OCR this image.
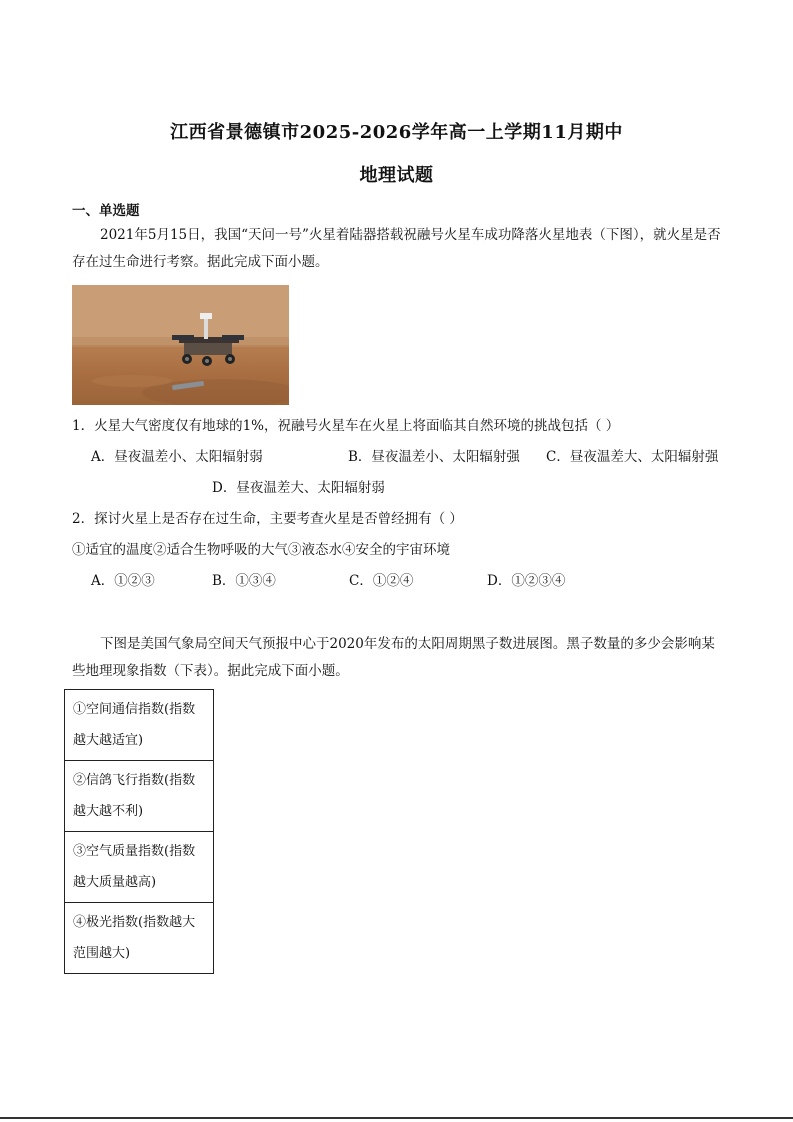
江西省景德镇市2025-2026学年高一上学期11月期中
地理试题
一、单选题
2021年5月15日，我国“天问一号”火星着陆器搭载祝融号火星车成功降落火星地表（下图），就火星是否存在过生命进行考察。据此完成下面小题。
1．火星大气密度仅有地球的1%，祝融号火星车在火星上将面临其自然环境的挑战包括（ ）
A．昼夜温差小、太阳辐射弱	B．昼夜温差小、太阳辐射强 C．昼夜温差大、太阳辐射强
D．昼夜温差大、太阳辐射弱
2．探讨火星上是否存在过生命，主要考查火星是否曾经拥有（ ）
①适宜的温度②适合生物呼吸的大气③液态水④安全的宇宙环境
A．①②③	B．①③④	C．①②④	D．①②③④
下图是美国气象局空间天气预报中心于2020年发布的太阳周期黑子数进展图。黑子数量的多少会影响某些地理现象指数（下表）。据此完成下面小题。
①空间通信指数(指数越大越适宜)
②信鸽飞行指数(指数越大越不利)
③空气质量指数(指数越大质量越高)
④极光指数(指数越大范围越大)
